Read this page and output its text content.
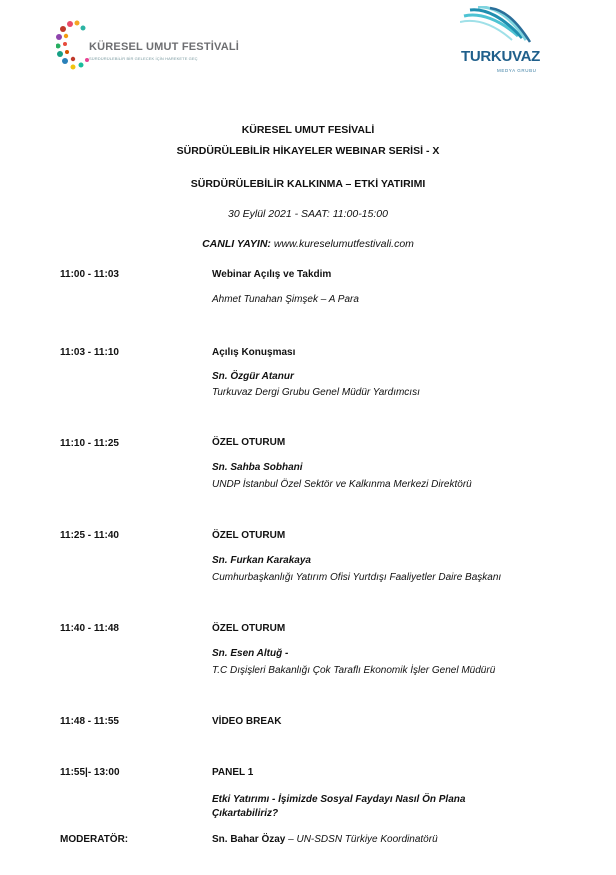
KÜRESEL UMUT FESTİVALİ
SÜRDÜRÜLEBİLİR BİR GELECEK İÇİN HAREKETE GEÇ	TURKUVAZ
MEDYA GRUBU
KÜRESEL UMUT FESİVALİ
SÜRDÜRÜLEBİLİR HİKAYELER WEBINAR SERİSİ - X
SÜRDÜRÜLEBİLİR KALKINMA – ETKİ YATIRIMI
30 Eylül 2021 - SAAT: 11:00-15:00
CANLI YAYIN: www.kureselumutfestivali.com
11:00 - 11:03	Webinar Açılış ve Takdim
Ahmet Tunahan Şimşek – A Para
11:03 - 11:10	Açılış Konuşması
Sn. Özgür Atanur
Turkuvaz Dergi Grubu Genel Müdür Yardımcısı
11:10 - 11:25	ÖZEL OTURUM
Sn. Sahba Sobhani
UNDP İstanbul Özel Sektör ve Kalkınma Merkezi Direktörü
11:25 - 11:40	ÖZEL OTURUM
Sn. Furkan Karakaya
Cumhurbaşkanlığı Yatırım Ofisi Yurtdışı Faaliyetler Daire Başkanı
11:40 - 11:48	ÖZEL OTURUM
Sn. Esen Altuğ -
T.C Dışişleri Bakanlığı Çok Taraflı Ekonomik İşler Genel Müdürü
11:48 - 11:55	VİDEO BREAK
11:55|- 13:00	PANEL 1
Etki Yatırımı - İşimizde Sosyal Faydayı Nasıl Ön Plana
Çıkartabiliriz?
MODERATÖR:	Sn. Bahar Özay – UN-SDSN Türkiye Koordinatörü
